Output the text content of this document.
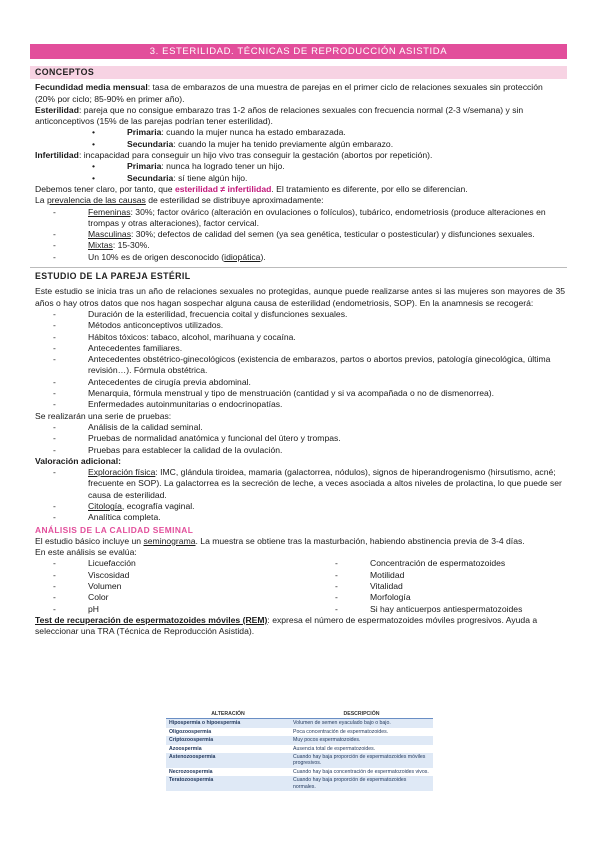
3. ESTERILIDAD. TÉCNICAS DE REPRODUCCIÓN ASISTIDA
CONCEPTOS

Fecundidad media mensual: tasa de embarazos de una muestra de parejas en el primer ciclo de relaciones sexuales sin protección (20% por ciclo; 85-90% en primer año).

Esterilidad: pareja que no consigue embarazo tras 1-2 años de relaciones sexuales con frecuencia normal (2-3 v/semana) y sin anticonceptivos (15% de las parejas podrían tener esterilidad).

• Primaria: cuando la mujer nunca ha estado embarazada.
• Secundaria: cuando la mujer ha tenido previamente algún embarazo.

Infertilidad: incapacidad para conseguir un hijo vivo tras conseguir la gestación (abortos por repetición).

• Primaria: nunca ha logrado tener un hijo.
• Secundaria: sí tiene algún hijo.

Debemos tener claro, por tanto, que esterilidad ≠ infertilidad. El tratamiento es diferente, por ello se diferencian.

La prevalencia de las causas de esterilidad se distribuye aproximadamente:

- Femeninas: 30%; factor ovárico (alteración en ovulaciones o folículos), tubárico, endometriosis (produce alteraciones en trompas y otras alteraciones), factor cervical.
- Masculinas: 30%; defectos de calidad del semen (ya sea genética, testicular o postesticular) y disfunciones sexuales.
- Mixtas: 15-30%.
- Un 10% es de origen desconocido (idiopática).
ESTUDIO DE LA PAREJA ESTÉRIL

Este estudio se inicia tras un año de relaciones sexuales no protegidas, aunque puede realizarse antes si las mujeres son mayores de 35 años o hay otros datos que nos hagan sospechar alguna causa de esterilidad (endometriosis, SOP). En la anamnesis se recogerá:

- Duración de la esterilidad, frecuencia coital y disfunciones sexuales.
- Métodos anticonceptivos utilizados.
- Hábitos tóxicos: tabaco, alcohol, marihuana y cocaína.
- Antecedentes familiares.
- Antecedentes obstétrico-ginecológicos (existencia de embarazos, partos o abortos previos, patología ginecológica, última revisión…). Fórmula obstétrica.
- Antecedentes de cirugía previa abdominal.
- Menarquia, fórmula menstrual y tipo de menstruación (cantidad y si va acompañada o no de dismenorrea).
- Enfermedades autoinmunitarias o endocrinopatías.

Se realizarán una serie de pruebas:

- Análisis de la calidad seminal.
- Pruebas de normalidad anatómica y funcional del útero y trompas.
- Pruebas para establecer la calidad de la ovulación.

Valoración adicional:

- Exploración física: IMC, glándula tiroidea, mamaria (galactorrea, nódulos), signos de hiperandrogenismo (hirsutismo, acné; frecuente en SOP). La galactorrea es la secreción de leche, a veces asociada a altos niveles de prolactina, lo que puede ser causa de esterilidad.
- Citología, ecografía vaginal.
- Analítica completa.
ANÁLISIS DE LA CALIDAD SEMINAL

El estudio básico incluye un seminograma. La muestra se obtiene tras la masturbación, habiendo abstinencia previa de 3-4 días.

En este análisis se evalúa:

- Licuefacción
- Viscosidad
- Volumen
- Color
- pH
- Concentración de espermatozoides
- Motilidad
- Vitalidad
- Morfología
- Si hay anticuerpos antiespermatozoides

Test de recuperación de espermatozoides móviles (REM): expresa el número de espermatozoides móviles progresivos. Ayuda a seleccionar una TRA (Técnica de Reproducción Asistida).

ALTERACIÓN	DESCRIPCIÓN
Hipospermia o hipoespermia	Volumen de semen eyaculado bajo o bajo.
Oligozoospermia	Poca concentración de espermatozoides.
Criptozoospermia	Muy pocos espermatozoides.
Azoospermia	Ausencia total de espermatozoides.
Astenozoospermia	Cuando hay baja proporción de espermatozoides móviles progresivos.
Necrozoospermia	Cuando hay baja concentración de espermatozoides vivos.
Teratozoospermia	Cuando hay baja proporción de espermatozoides normales.
